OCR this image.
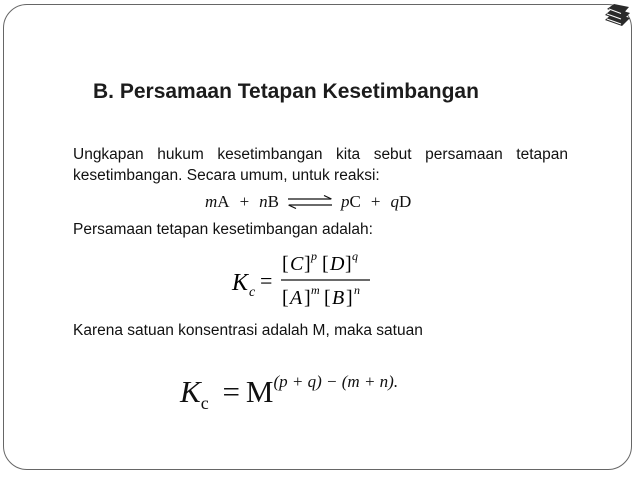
B. Persamaan Tetapan Kesetimbangan
Ungkapan hukum kesetimbangan kita sebut persamaan tetapan kesetimbangan. Secara umum, untuk reaksi:
mA + nB ⇌ pC + qD
Persamaan tetapan kesetimbangan adalah:
K c =
[ C ] p [ D ] q
[ A ] m [ B ] n
Karena satuan konsentrasi adalah M, maka satuan
$K_c = M^{(p + q) - (m + n).}$
